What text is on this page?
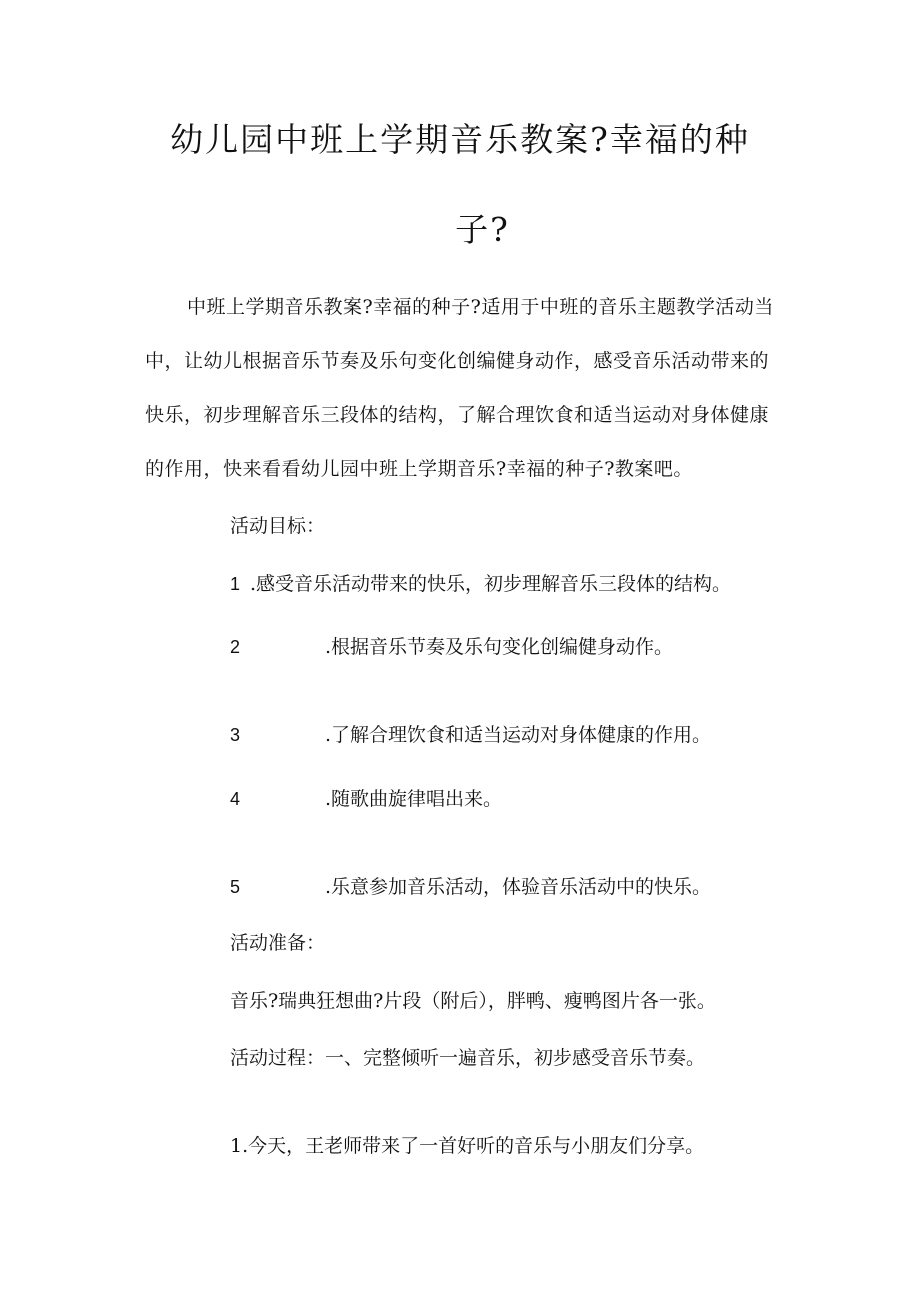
幼儿园中班上学期音乐教案?幸福的种
子?

中班上学期音乐教案?幸福的种子?适用于中班的音乐主题教学活动当中，让幼儿根据音乐节奏及乐句变化创编健身动作，感受音乐活动带来的快乐，初步理解音乐三段体的结构，了解合理饮食和适当运动对身体健康的作用，快来看看幼儿园中班上学期音乐?幸福的种子?教案吧。

活动目标：

1 .感受音乐活动带来的快乐，初步理解音乐三段体的结构。

2	.根据音乐节奏及乐句变化创编健身动作。

3	.了解合理饮食和适当运动对身体健康的作用。

4	.随歌曲旋律唱出来。

5	.乐意参加音乐活动，体验音乐活动中的快乐。

活动准备：

音乐?瑞典狂想曲?片段（附后），胖鸭、瘦鸭图片各一张。

活动过程：一、完整倾听一遍音乐，初步感受音乐节奏。

1.今天，王老师带来了一首好听的音乐与小朋友们分享。
